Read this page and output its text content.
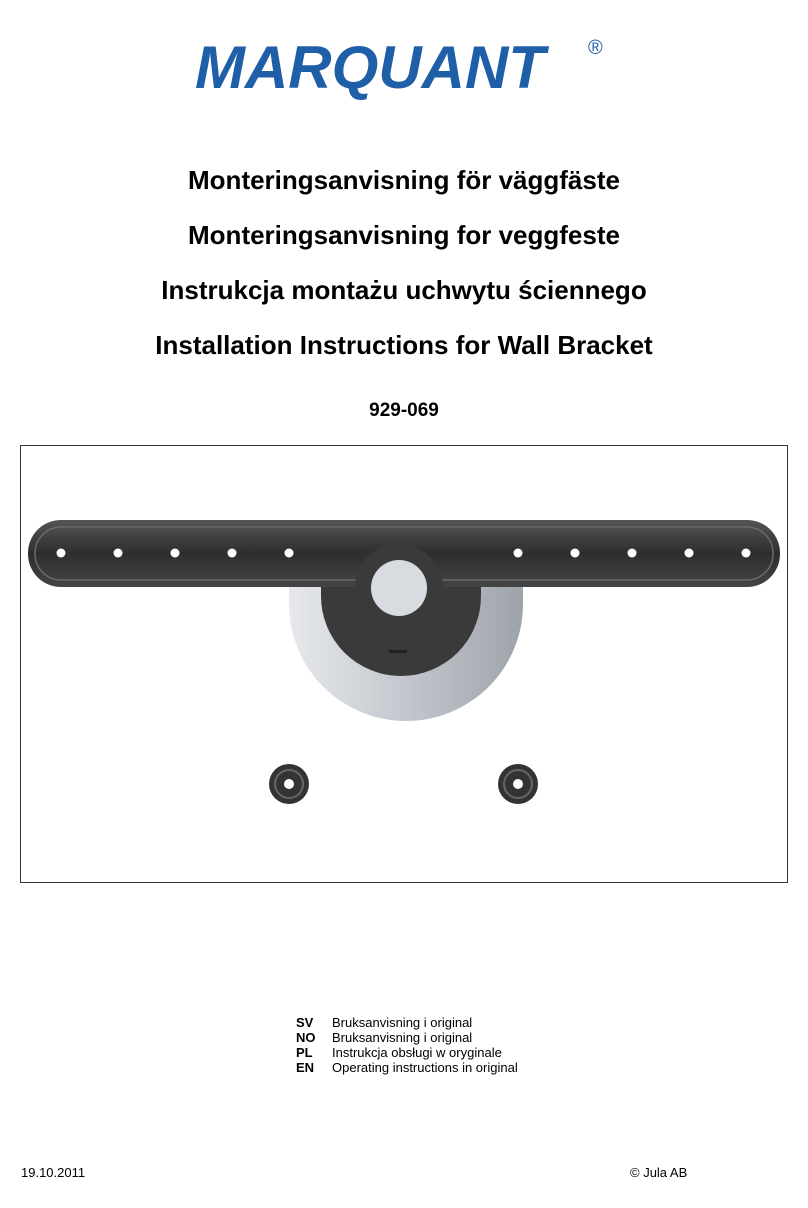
MARQUANT ®
Monteringsanvisning för väggfäste
Monteringsanvisning for veggfeste
Instrukcja montażu uchwytu ściennego
Installation Instructions for Wall Bracket
929-069
SV	Bruksanvisning i original
NO	Bruksanvisning i original
PL	Instrukcja obsługi w oryginale
EN	Operating instructions in original
19.10.2011	© Jula AB
